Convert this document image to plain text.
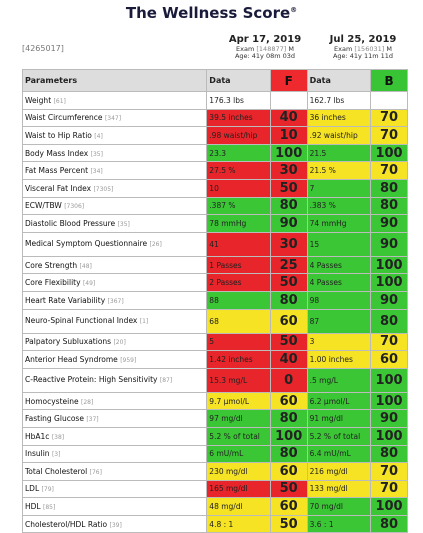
The Wellness Score®
[4265017]
Apr 17, 2019
Exam [148877] M
Age: 41y 08m 03d
Jul 25, 2019
Exam [156031] M
Age: 41y 11m 11d
Parameters	Data	F	Data	B
Weight [61]	176.3 lbs		162.7 lbs	
Waist Circumference [347]	39.5 inches	40	36 inches	70
Waist to Hip Ratio [4]	.98 waist/hip	10	.92 waist/hip	70
Body Mass Index [35]	23.3	100	21.5	100
Fat Mass Percent [34]	27.5 %	30	21.5 %	70
Visceral Fat Index [7305]	10	50	7	80
ECW/TBW [7306]	.387 %	80	.383 %	80
Diastolic Blood Pressure [35]	78 mmHg	90	74 mmHg	90
Medical Symptom Questionnaire [26]	41	30	15	90
Core Strength [48]	1 Passes	25	4 Passes	100
Core Flexibility [49]	2 Passes	50	4 Passes	100
Heart Rate Variability [367]	88	80	98	90
Neuro-Spinal Functional Index [1]	68	60	87	80
Palpatory Subluxations [20]	5	50	3	70
Anterior Head Syndrome [959]	1.42 inches	40	1.00 inches	60
C-Reactive Protein: High Sensitivity [87]	15.3 mg/L	0	.5 mg/L	100
Homocysteine [28]	9.7 µmol/L	60	6.2 µmol/L	100
Fasting Glucose [37]	97 mg/dl	80	91 mg/dl	90
HbA1c [38]	5.2 % of total	100	5.2 % of total	100
Insulin [3]	6 mU/mL	80	6.4 mU/mL	80
Total Cholesterol [76]	230 mg/dl	60	216 mg/dl	70
LDL [79]	165 mg/dl	50	133 mg/dl	70
HDL [85]	48 mg/dl	60	70 mg/dl	100
Cholesterol/HDL Ratio [39]	4.8 : 1	50	3.6 : 1	80
